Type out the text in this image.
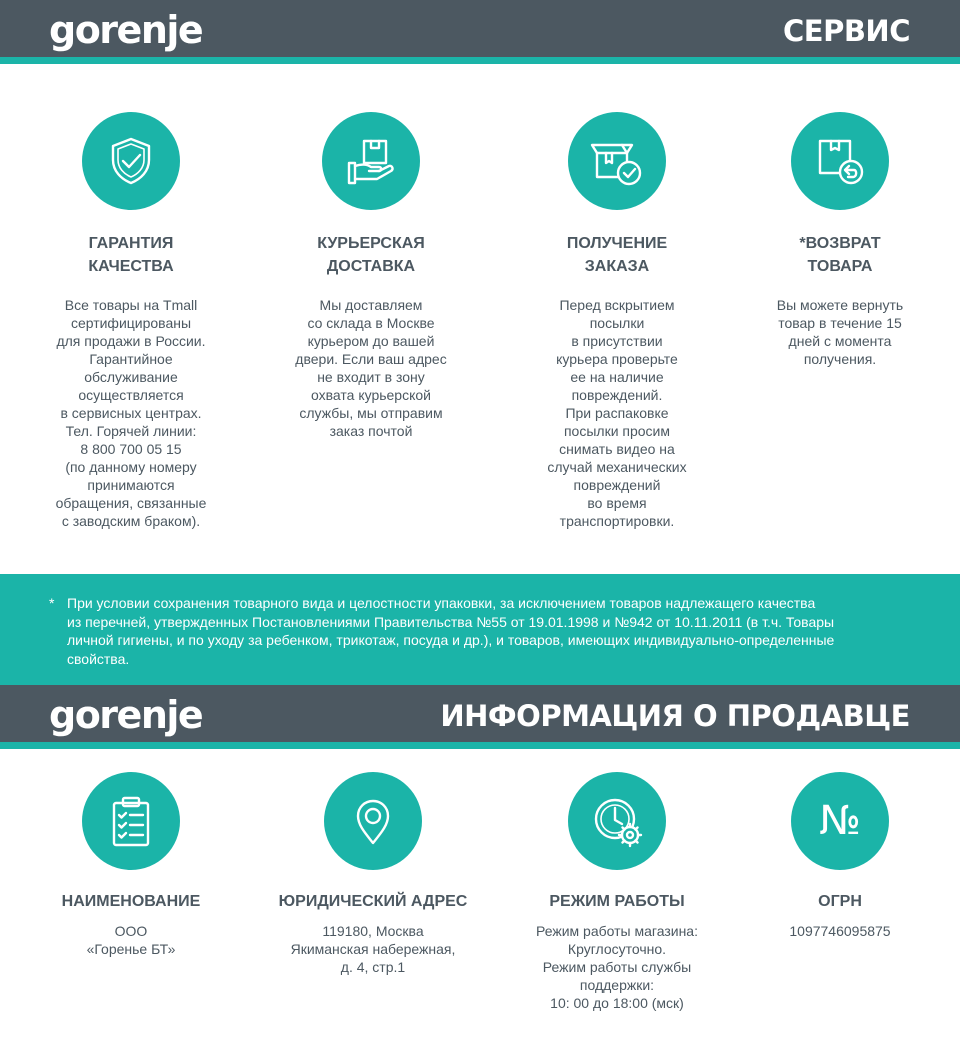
gorenje	СЕРВИС
ГАРАНТИЯ
КАЧЕСТВА
Все товары на Tmall
сертифицированы
для продажи в России.
Гарантийное
обслуживание
осуществляется
в сервисных центрах.
Тел. Горячей линии:
8 800 700 05 15
(по данному номеру
принимаются
обращения, связанные
с заводским браком).
КУРЬЕРСКАЯ
ДОСТАВКА
Мы доставляем
со склада в Москве
курьером до вашей
двери. Если ваш адрес
не входит в зону
охвата курьерской
службы, мы отправим
заказ почтой
ПОЛУЧЕНИЕ
ЗАКАЗА
Перед вскрытием
посылки
в присутствии
курьера проверьте
ее на наличие
повреждений.
При распаковке
посылки просим
снимать видео на
случай механических
повреждений
во время
транспортировки.
*ВОЗВРАТ
ТОВАРА
Вы можете вернуть
товар в течение 15
дней с момента
получения.
* При условии сохранения товарного вида и целостности упаковки, за исключением товаров надлежащего качества
из перечней, утвержденных Постановлениями Правительства №55 от 19.01.1998 и №942 от 10.11.2011 (в т.ч. Товары
личной гигиены, и по уходу за ребенком, трикотаж, посуда и др.), и товаров, имеющих индивидуально-определенные
свойства.
gorenje	ИНФОРМАЦИЯ О ПРОДАВЦЕ
НАИМЕНОВАНИЕ
ООО
«Горенье БТ»
ЮРИДИЧЕСКИЙ АДРЕС
119180, Москва
Якиманская набережная,
д. 4, стр.1
РЕЖИМ РАБОТЫ
Режим работы магазина:
Круглосуточно.
Режим работы службы
поддержки:
10: 00 до 18:00 (мск)
№
ОГРН
1097746095875
